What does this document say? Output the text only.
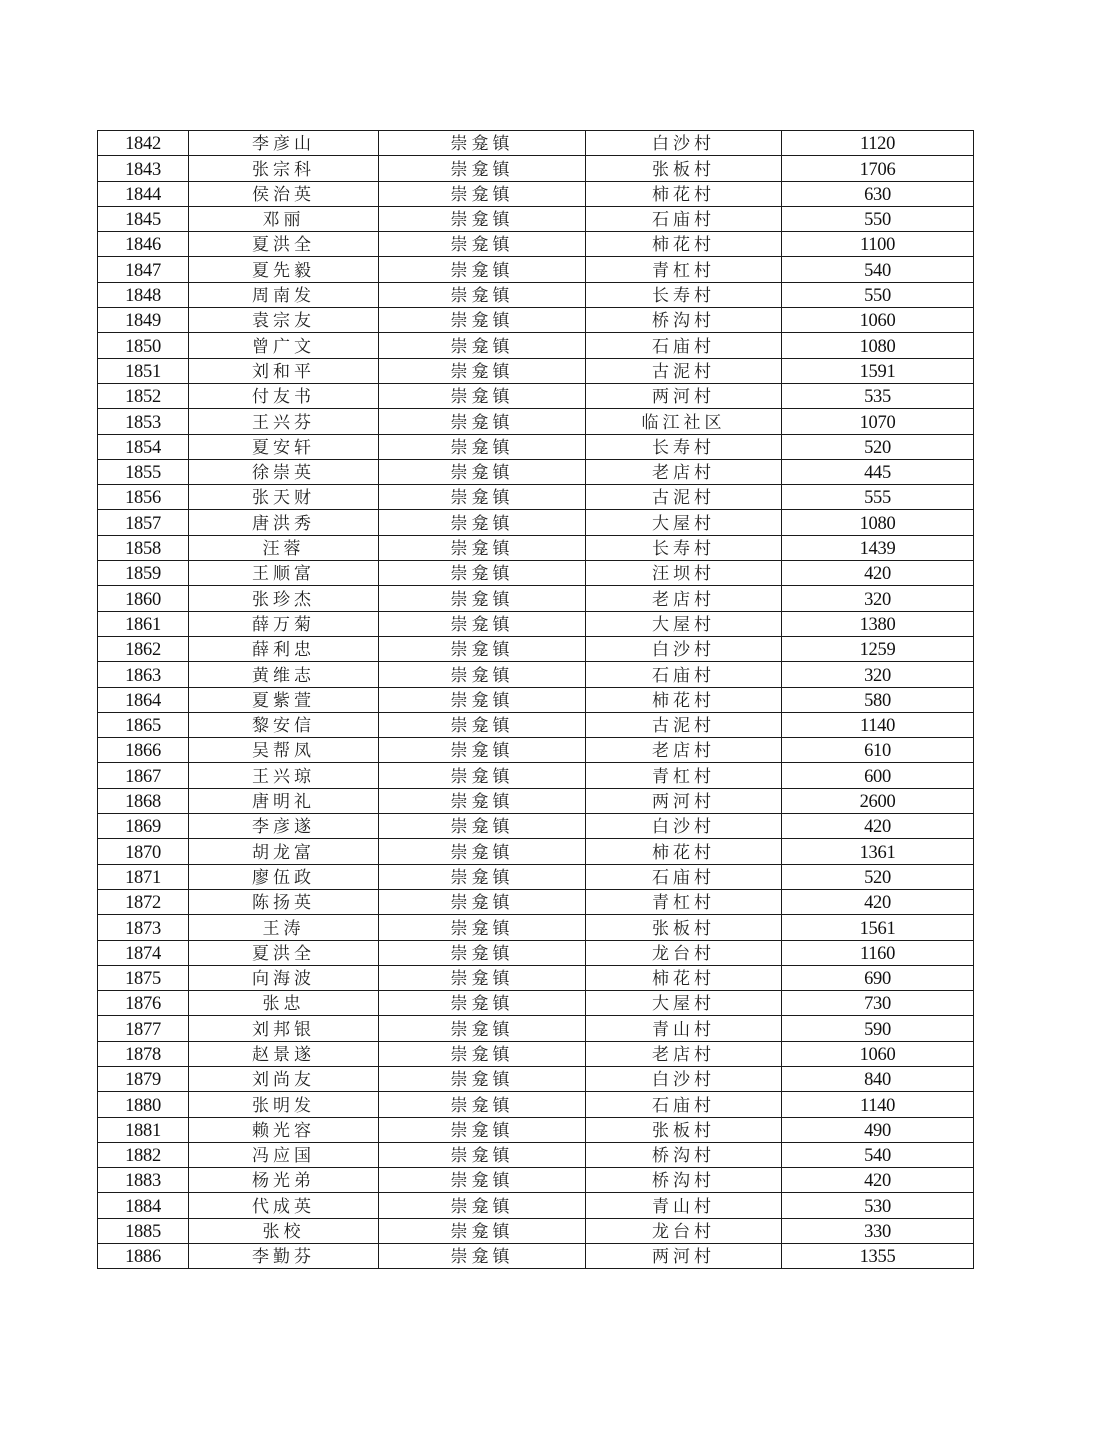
1842	李彦山	崇龛镇	白沙村	1120
1843	张宗科	崇龛镇	张板村	1706
1844	侯治英	崇龛镇	柿花村	630
1845	邓丽	崇龛镇	石庙村	550
1846	夏洪全	崇龛镇	柿花村	1100
1847	夏先毅	崇龛镇	青杠村	540
1848	周南发	崇龛镇	长寿村	550
1849	袁宗友	崇龛镇	桥沟村	1060
1850	曾广文	崇龛镇	石庙村	1080
1851	刘和平	崇龛镇	古泥村	1591
1852	付友书	崇龛镇	两河村	535
1853	王兴芬	崇龛镇	临江社区	1070
1854	夏安轩	崇龛镇	长寿村	520
1855	徐崇英	崇龛镇	老店村	445
1856	张天财	崇龛镇	古泥村	555
1857	唐洪秀	崇龛镇	大屋村	1080
1858	汪蓉	崇龛镇	长寿村	1439
1859	王顺富	崇龛镇	汪坝村	420
1860	张珍杰	崇龛镇	老店村	320
1861	薛万菊	崇龛镇	大屋村	1380
1862	薛利忠	崇龛镇	白沙村	1259
1863	黄维志	崇龛镇	石庙村	320
1864	夏紫萱	崇龛镇	柿花村	580
1865	黎安信	崇龛镇	古泥村	1140
1866	吴帮凤	崇龛镇	老店村	610
1867	王兴琼	崇龛镇	青杠村	600
1868	唐明礼	崇龛镇	两河村	2600
1869	李彦遂	崇龛镇	白沙村	420
1870	胡龙富	崇龛镇	柿花村	1361
1871	廖伍政	崇龛镇	石庙村	520
1872	陈扬英	崇龛镇	青杠村	420
1873	王涛	崇龛镇	张板村	1561
1874	夏洪全	崇龛镇	龙台村	1160
1875	向海波	崇龛镇	柿花村	690
1876	张忠	崇龛镇	大屋村	730
1877	刘邦银	崇龛镇	青山村	590
1878	赵景遂	崇龛镇	老店村	1060
1879	刘尚友	崇龛镇	白沙村	840
1880	张明发	崇龛镇	石庙村	1140
1881	赖光容	崇龛镇	张板村	490
1882	冯应国	崇龛镇	桥沟村	540
1883	杨光弟	崇龛镇	桥沟村	420
1884	代成英	崇龛镇	青山村	530
1885	张校	崇龛镇	龙台村	330
1886	李勤芬	崇龛镇	两河村	1355
